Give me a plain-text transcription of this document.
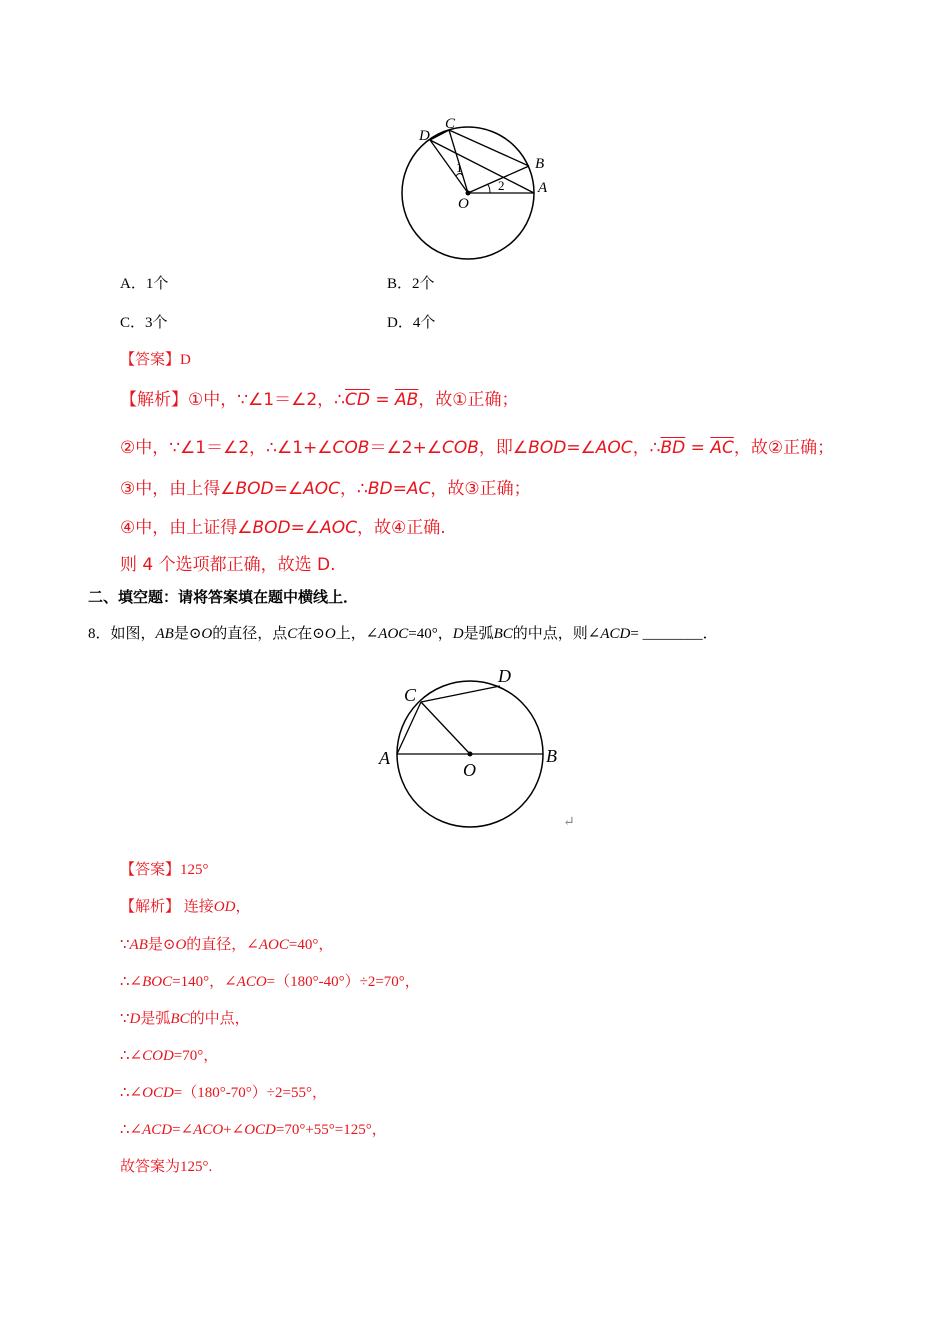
D
C
B
A
O
1
2
A．1个	B．2个
C．3个	D．4个
【答案】D
【解析】①中，∵∠1＝∠2，$\therefore\overline{CD} = \overline{AB}$，故①正确；
②中，∵∠1＝∠2，∴∠1+∠COB＝∠2+∠COB，即∠BOD=∠AOC，$\therefore\overline{BD} = \overline{AC}$，故②正确；
③中，由上得∠BOD=∠AOC，∴BD=AC，故③正确；
④中，由上证得∠BOD=∠AOC，故④正确.
则 4 个选项都正确，故选 D.
二、填空题：请将答案填在题中横线上．
8．如图，AB是⊙O的直径，点C在⊙O上，∠AOC=40°，D是弧BC的中点，则∠ACD= ________．
C
D
A	B
O
↵
【答案】125°
【解析】 连接OD，
∵AB是⊙O的直径，∠AOC=40°，
∴∠BOC=140°，∠ACO=（180°-40°）÷2=70°，
∵D是弧BC的中点，
∴∠COD=70°，
∴∠OCD=（180°-70°）÷2=55°，
∴∠ACD=∠ACO+∠OCD=70°+55°=125°，
故答案为125°.
